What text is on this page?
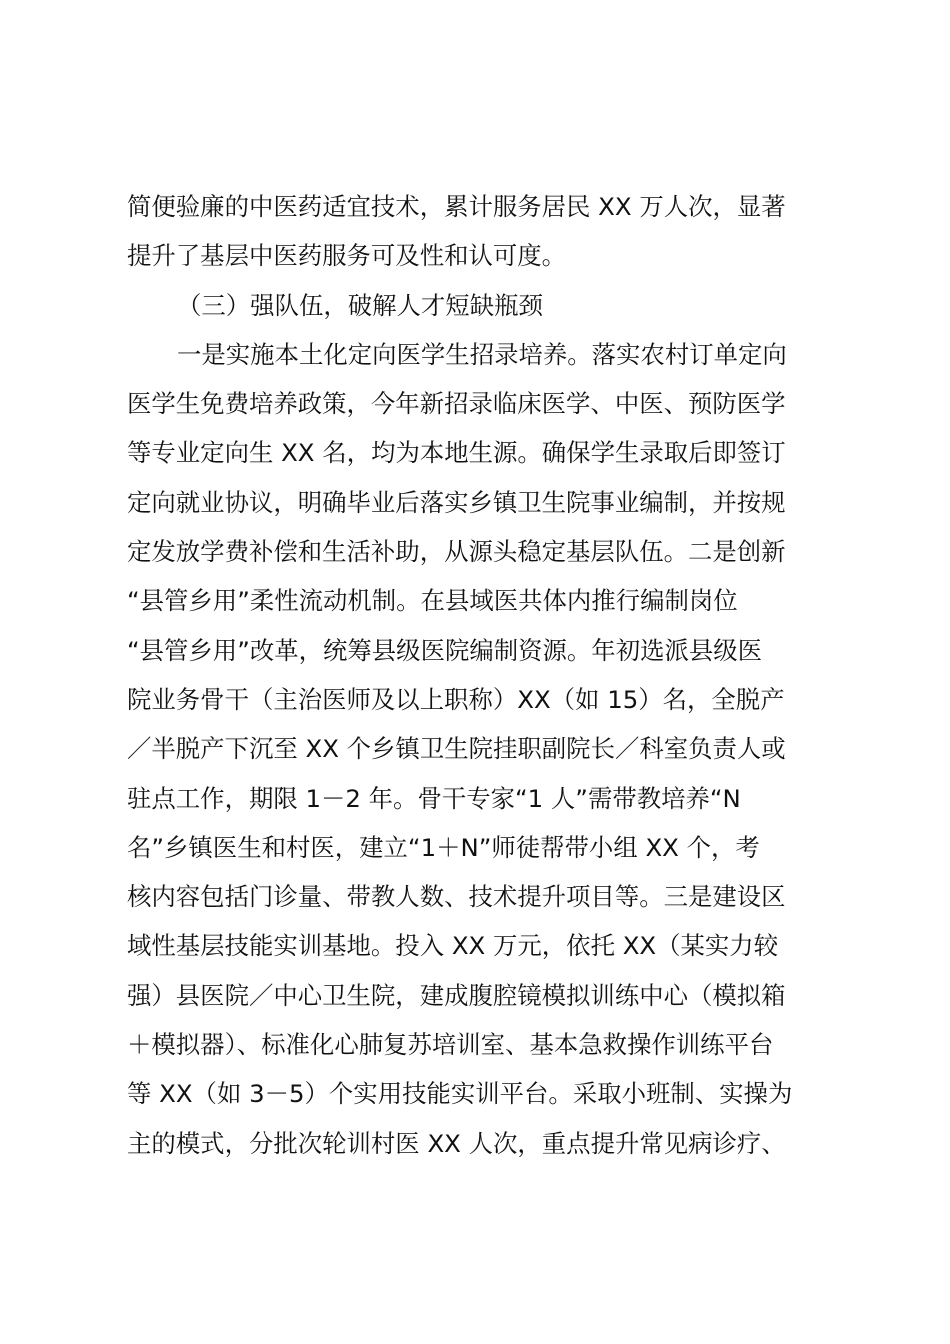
简便验廉的中医药适宜技术，累计服务居民 XX 万人次，显著
提升了基层中医药服务可及性和认可度。
（三）强队伍，破解人才短缺瓶颈
一是实施本土化定向医学生招录培养。落实农村订单定向
医学生免费培养政策，今年新招录临床医学、中医、预防医学
等专业定向生 XX 名，均为本地生源。确保学生录取后即签订
定向就业协议，明确毕业后落实乡镇卫生院事业编制，并按规
定发放学费补偿和生活补助，从源头稳定基层队伍。二是创新
“县管乡用”柔性流动机制。在县域医共体内推行编制岗位
“县管乡用”改革，统筹县级医院编制资源。年初选派县级医
院业务骨干（主治医师及以上职称）XX（如 15）名，全脱产
／半脱产下沉至 XX 个乡镇卫生院挂职副院长／科室负责人或
驻点工作，期限 1－2 年。骨干专家“1 人”需带教培养“N
名”乡镇医生和村医，建立“1＋N”师徒帮带小组 XX 个，考
核内容包括门诊量、带教人数、技术提升项目等。三是建设区
域性基层技能实训基地。投入 XX 万元，依托 XX（某实力较
强）县医院／中心卫生院，建成腹腔镜模拟训练中心（模拟箱
＋模拟器）、标准化心肺复苏培训室、基本急救操作训练平台
等 XX（如 3－5）个实用技能实训平台。采取小班制、实操为
主的模式，分批次轮训村医 XX 人次，重点提升常见病诊疗、
